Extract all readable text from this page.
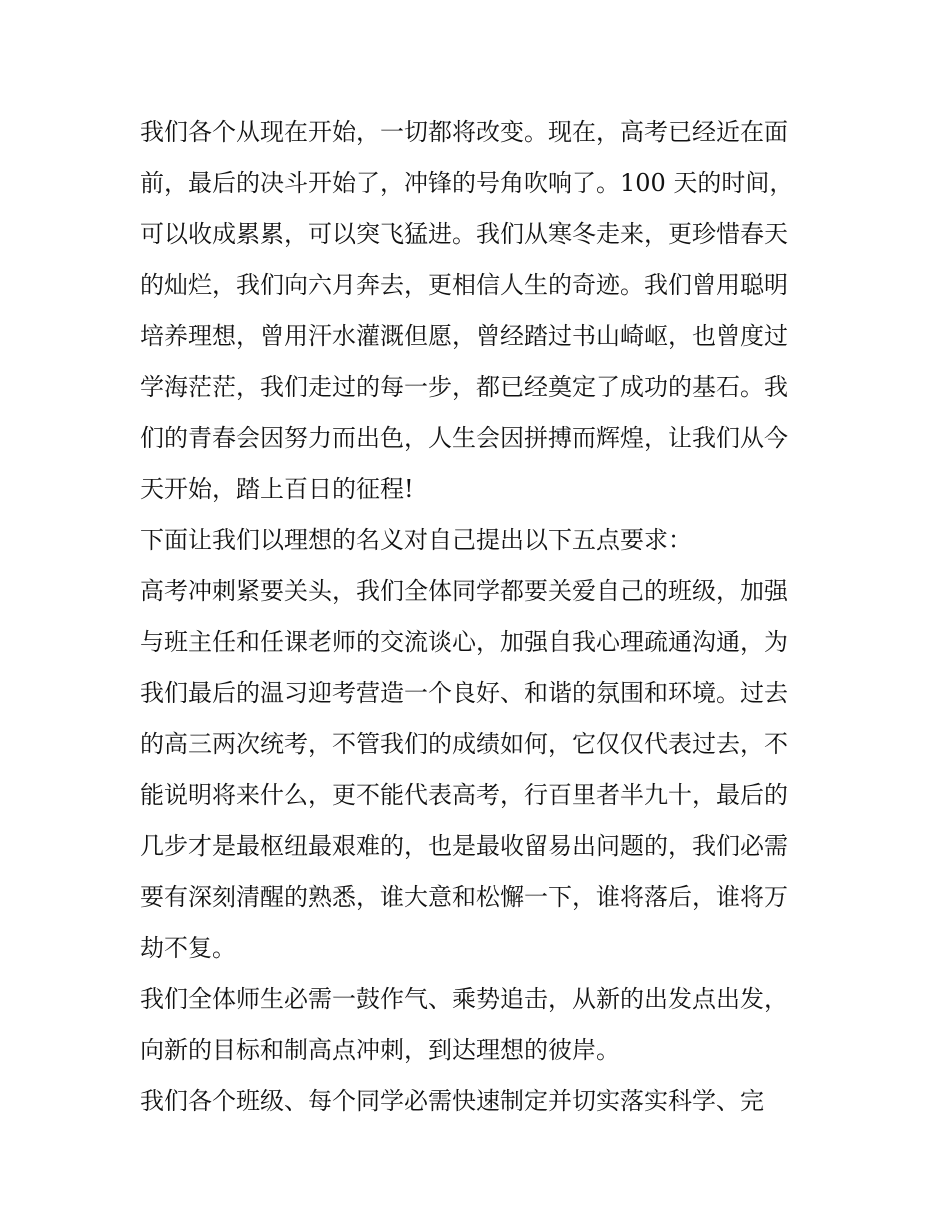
我们各个从现在开始，一切都将改变。现在，高考已经近在面
前，最后的决斗开始了，冲锋的号角吹响了。100 天的时间，
可以收成累累，可以突飞猛进。我们从寒冬走来，更珍惜春天
的灿烂，我们向六月奔去，更相信人生的奇迹。我们曾用聪明
培养理想，曾用汗水灌溉但愿，曾经踏过书山崎岖，也曾度过
学海茫茫，我们走过的每一步，都已经奠定了成功的基石。我
们的青春会因努力而出色，人生会因拼搏而辉煌，让我们从今
天开始，踏上百日的征程!
下面让我们以理想的名义对自己提出以下五点要求：
高考冲刺紧要关头，我们全体同学都要关爱自己的班级，加强
与班主任和任课老师的交流谈心，加强自我心理疏通沟通，为
我们最后的温习迎考营造一个良好、和谐的氛围和环境。过去
的高三两次统考，不管我们的成绩如何，它仅仅代表过去，不
能说明将来什么，更不能代表高考，行百里者半九十，最后的
几步才是最枢纽最艰难的，也是最收留易出问题的，我们必需
要有深刻清醒的熟悉，谁大意和松懈一下，谁将落后，谁将万
劫不复。
我们全体师生必需一鼓作气、乘势追击，从新的出发点出发，
向新的目标和制高点冲刺，到达理想的彼岸。
我们各个班级、每个同学必需快速制定并切实落实科学、完
